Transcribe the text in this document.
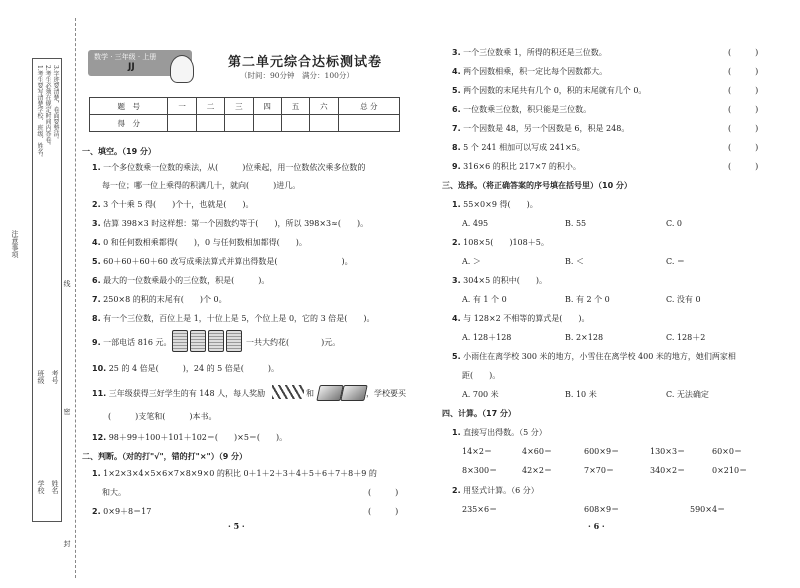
1.考生要写清楚学校、班级、姓名。 2.考生必须在规定时间内答卷。 3.字迹要清楚，卷面要整洁。
注意事项
线
密
封
班级 考号
学校 姓名
数学 · 三年级 · 上册
JJ	第二单元综合达标测试卷
（时间：90分钟　满分：100分）
题　号	一	二	三	四	五	六	总 分
得　分							
一、填空。（19 分）
1. 一个多位数乘一位数的乘法，从(　　　)位乘起，用一位数依次乘多位数的
每一位；哪一位上乘得的积满几十，就向(　　　)进几。
2. 3 个十乘 5 得(　　)个十，也就是(　　)。
3. 估算 398×3 时这样想：第一个因数约等于(　　)，所以 398×3≈(　　)。
4. 0 和任何数相乘都得(　　)，0 与任何数相加都得(　　)。
5. 60＋60＋60＋60 改写成乘法算式并算出得数是(　　　　　　　　)。
6. 最大的一位数乘最小的三位数，积是(　　　)。
7. 250×8 的积的末尾有(　　)个 0。
8. 有一个三位数，百位上是 1，十位上是 5，个位上是 0，它的 3 倍是(　　)。
9. 一部电话 816 元。	一共大约花(　　　　)元。
10. 25 的 4 倍是(　　　)，24 的 5 倍是(　　　)。
11. 三年级获得三好学生的有 148 人，每人奖励	和	，学校要买
(　　　)支笔和(　　　)本书。
12. 98＋99＋100＋101＋102＝(　　)×5＝(　　)。
二、判断。（对的打"√"，错的打"×"）（9 分）
1. 1×2×3×4×5×6×7×8×9×0 的积比 0＋1＋2＋3＋4＋5＋6＋7＋8＋9 的
和大。	(　　　)
2. 0×9＋8＝17	(　　　)
· 5 ·
3. 一个三位数乘 1，所得的积还是三位数。	(　　　)
4. 两个因数相乘，积一定比每个因数都大。	(　　　)
5. 两个因数的末尾共有几个 0，积的末尾就有几个 0。	(　　　)
6. 一位数乘三位数，积只能是三位数。	(　　　)
7. 一个因数是 48，另一个因数是 6，积是 248。	(　　　)
8. 5 个 241 相加可以写成 241×5。	(　　　)
9. 316×6 的积比 217×7 的积小。	(　　　)
三、选择。（将正确答案的序号填在括号里）（10 分）
1. 55×0×9 得(　　)。
A. 495	B. 55	C. 0
2. 108×5(　　)108＋5。
A. ＞	B. ＜	C. ＝
3. 304×5 的积中(　　)。
A. 有 1 个 0	B. 有 2 个 0	C. 没有 0
4. 与 128×2 不相等的算式是(　　)。
A. 128＋128	B. 2×128	C. 128＋2
5. 小雨住在离学校 300 米的地方，小雪住在离学校 400 米的地方，她们两家相
距(　　)。
A. 700 米	B. 10 米	C. 无法确定
四、计算。（17 分）
1. 直接写出得数。（5 分）
14×2＝	4×60＝	600×9＝	130×3＝	60×0＝
8×300＝	42×2＝	7×70＝	340×2＝	0×210＝
2. 用竖式计算。（6 分）
235×6＝	608×9＝	590×4＝
· 6 ·
